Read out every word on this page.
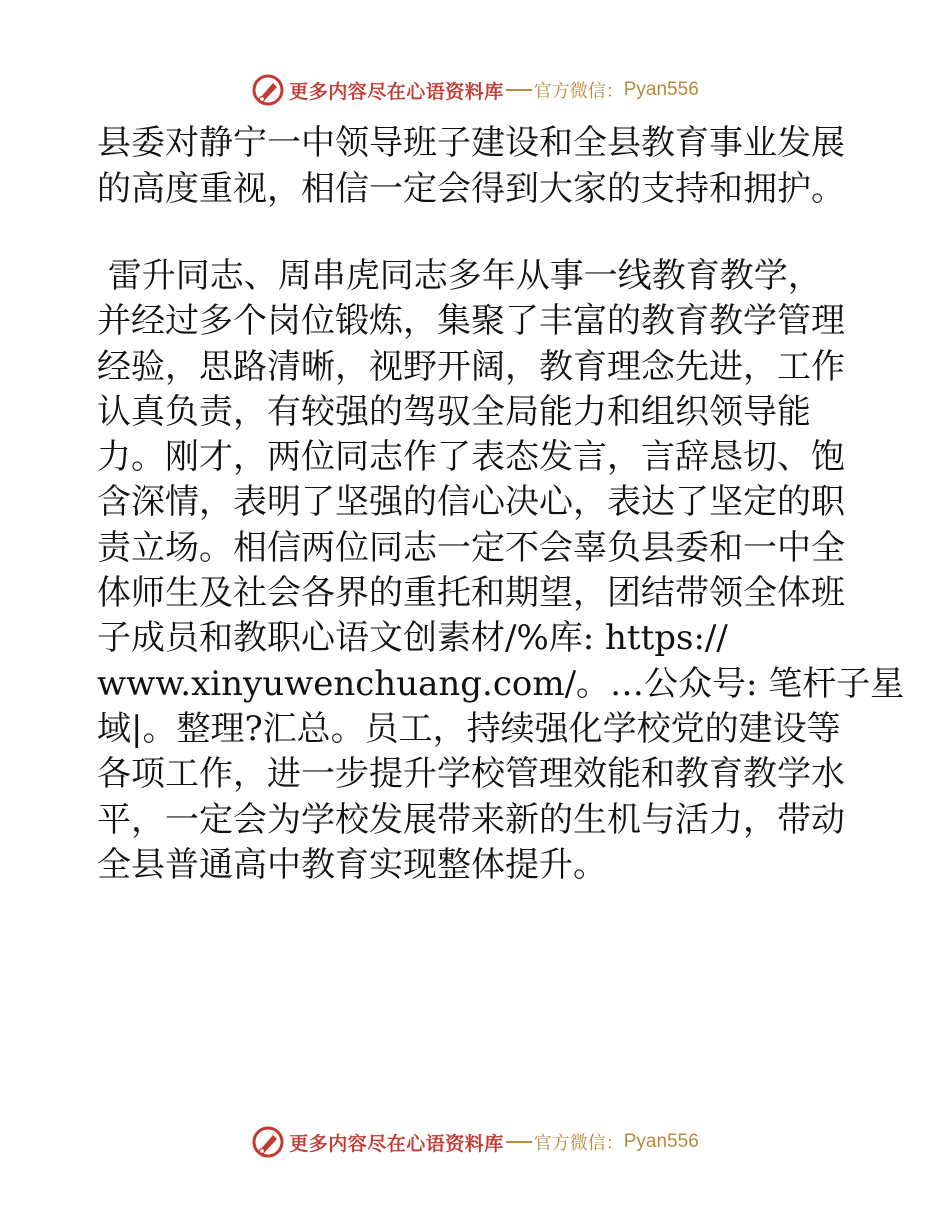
更多内容尽在心语资料库 官方微信： Pyan556
县委对静宁一中领导班子建设和全县教育事业发展
的高度重视，相信一定会得到大家的支持和拥护。
雷升同志、周串虎同志多年从事一线教育教学，
并经过多个岗位锻炼，集聚了丰富的教育教学管理
经验，思路清晰，视野开阔，教育理念先进，工作
认真负责，有较强的驾驭全局能力和组织领导能
力。刚才，两位同志作了表态发言，言辞恳切、饱
含深情，表明了坚强的信心决心，表达了坚定的职
责立场。相信两位同志一定不会辜负县委和一中全
体师生及社会各界的重托和期望，团结带领全体班
子成员和教职心语文创素材/%库: https://
www.xinyuwenchuang.com/。…公众号: 笔杆子星
域|。整理?汇总。员工，持续强化学校党的建设等
各项工作，进一步提升学校管理效能和教育教学水
平，一定会为学校发展带来新的生机与活力，带动
全县普通高中教育实现整体提升。
更多内容尽在心语资料库 官方微信： Pyan556
